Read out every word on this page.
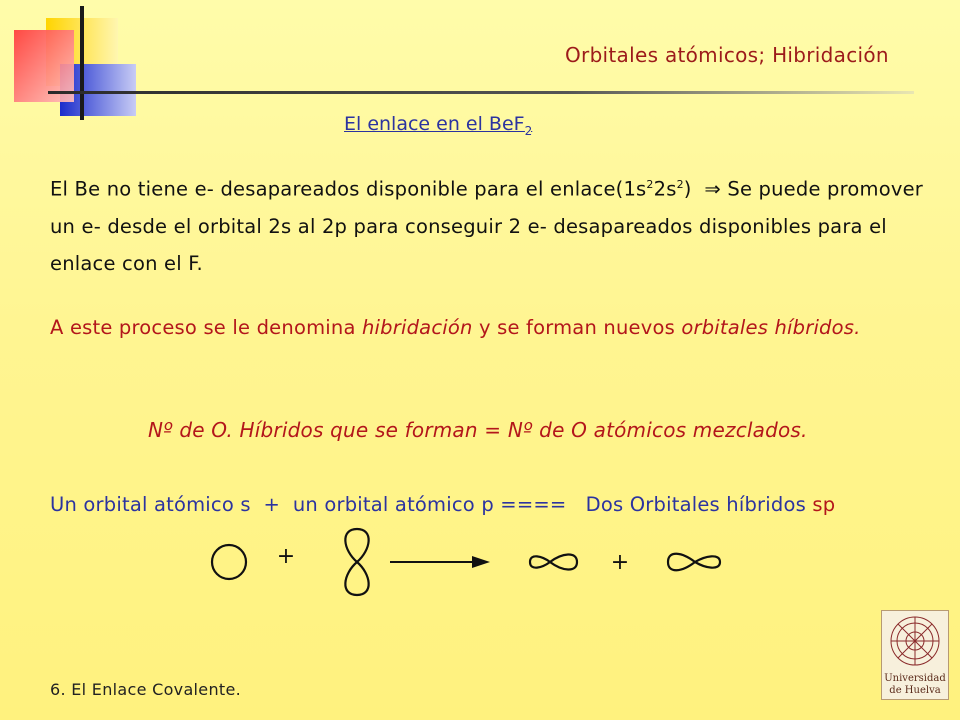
Orbitales atómicos; Hibridación
El enlace en el BeF$_2$
El Be no tiene e- desapareados disponible para el $enlace(1s^22s^2)$ ⇒ Se puede promover un e- desde el orbital 2s al 2p para conseguir 2 e- desapareados disponibles para el enlace con el F.
A este proceso se le denomina hibridación y se forman nuevos orbitales híbridos.
Nº de O. Híbridos que se forman = Nº de O atómicos mezclados.
Un orbital atómico s  +  un orbital atómico p ====   Dos Orbitales híbridos sp
+	+
6. El Enlace Covalente.
Universidad
de Huelva
